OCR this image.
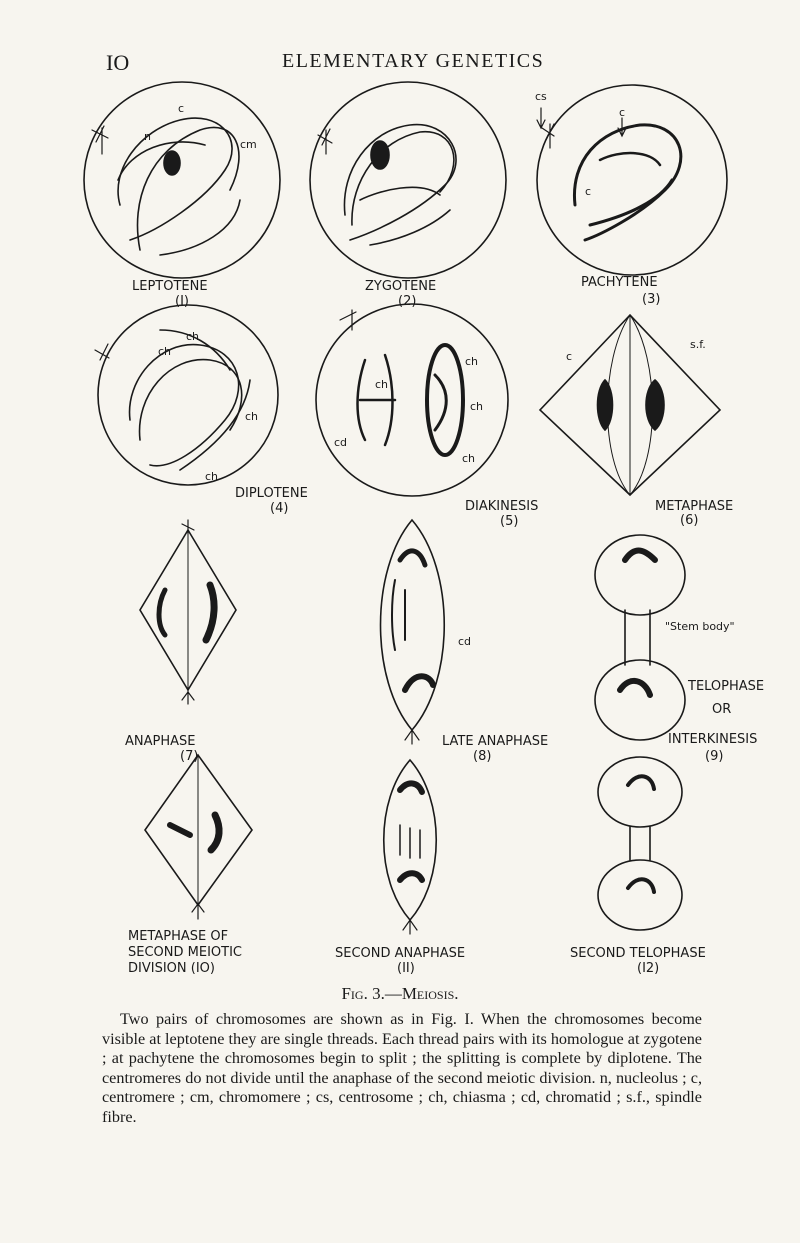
IO	ELEMENTARY GENETICS
c
n
cm
LEPTOTENE
(I)
ZYGOTENE
(2)
cs
c
c
PACHYTENE
(3)
ch
ch
ch
ch
DIPLOTENE
(4)
ch
ch
ch
ch
cd
DIAKINESIS
(5)
s.f.
c
METAPHASE
(6)
ANAPHASE
(7)
cd
LATE ANAPHASE
(8)
"Stem body"
TELOPHASE
OR
INTERKINESIS
(9)
METAPHASE OF
SECOND MEIOTIC
DIVISION (IO)
SECOND ANAPHASE
(II)
SECOND TELOPHASE
(I2)
Fig. 3.—Meiosis.

Two pairs of chromosomes are shown as in Fig. I. When the chromosomes become visible at leptotene they are single threads. Each thread pairs with its homologue at zygotene ; at pachytene the chromosomes begin to split ; the splitting is complete by diplotene. The centromeres do not divide until the anaphase of the second meiotic division. n, nucleolus ; c, centromere ; cm, chromomere ; cs, centrosome ; ch, chiasma ; cd, chromatid ; s.f., spindle fibre.
